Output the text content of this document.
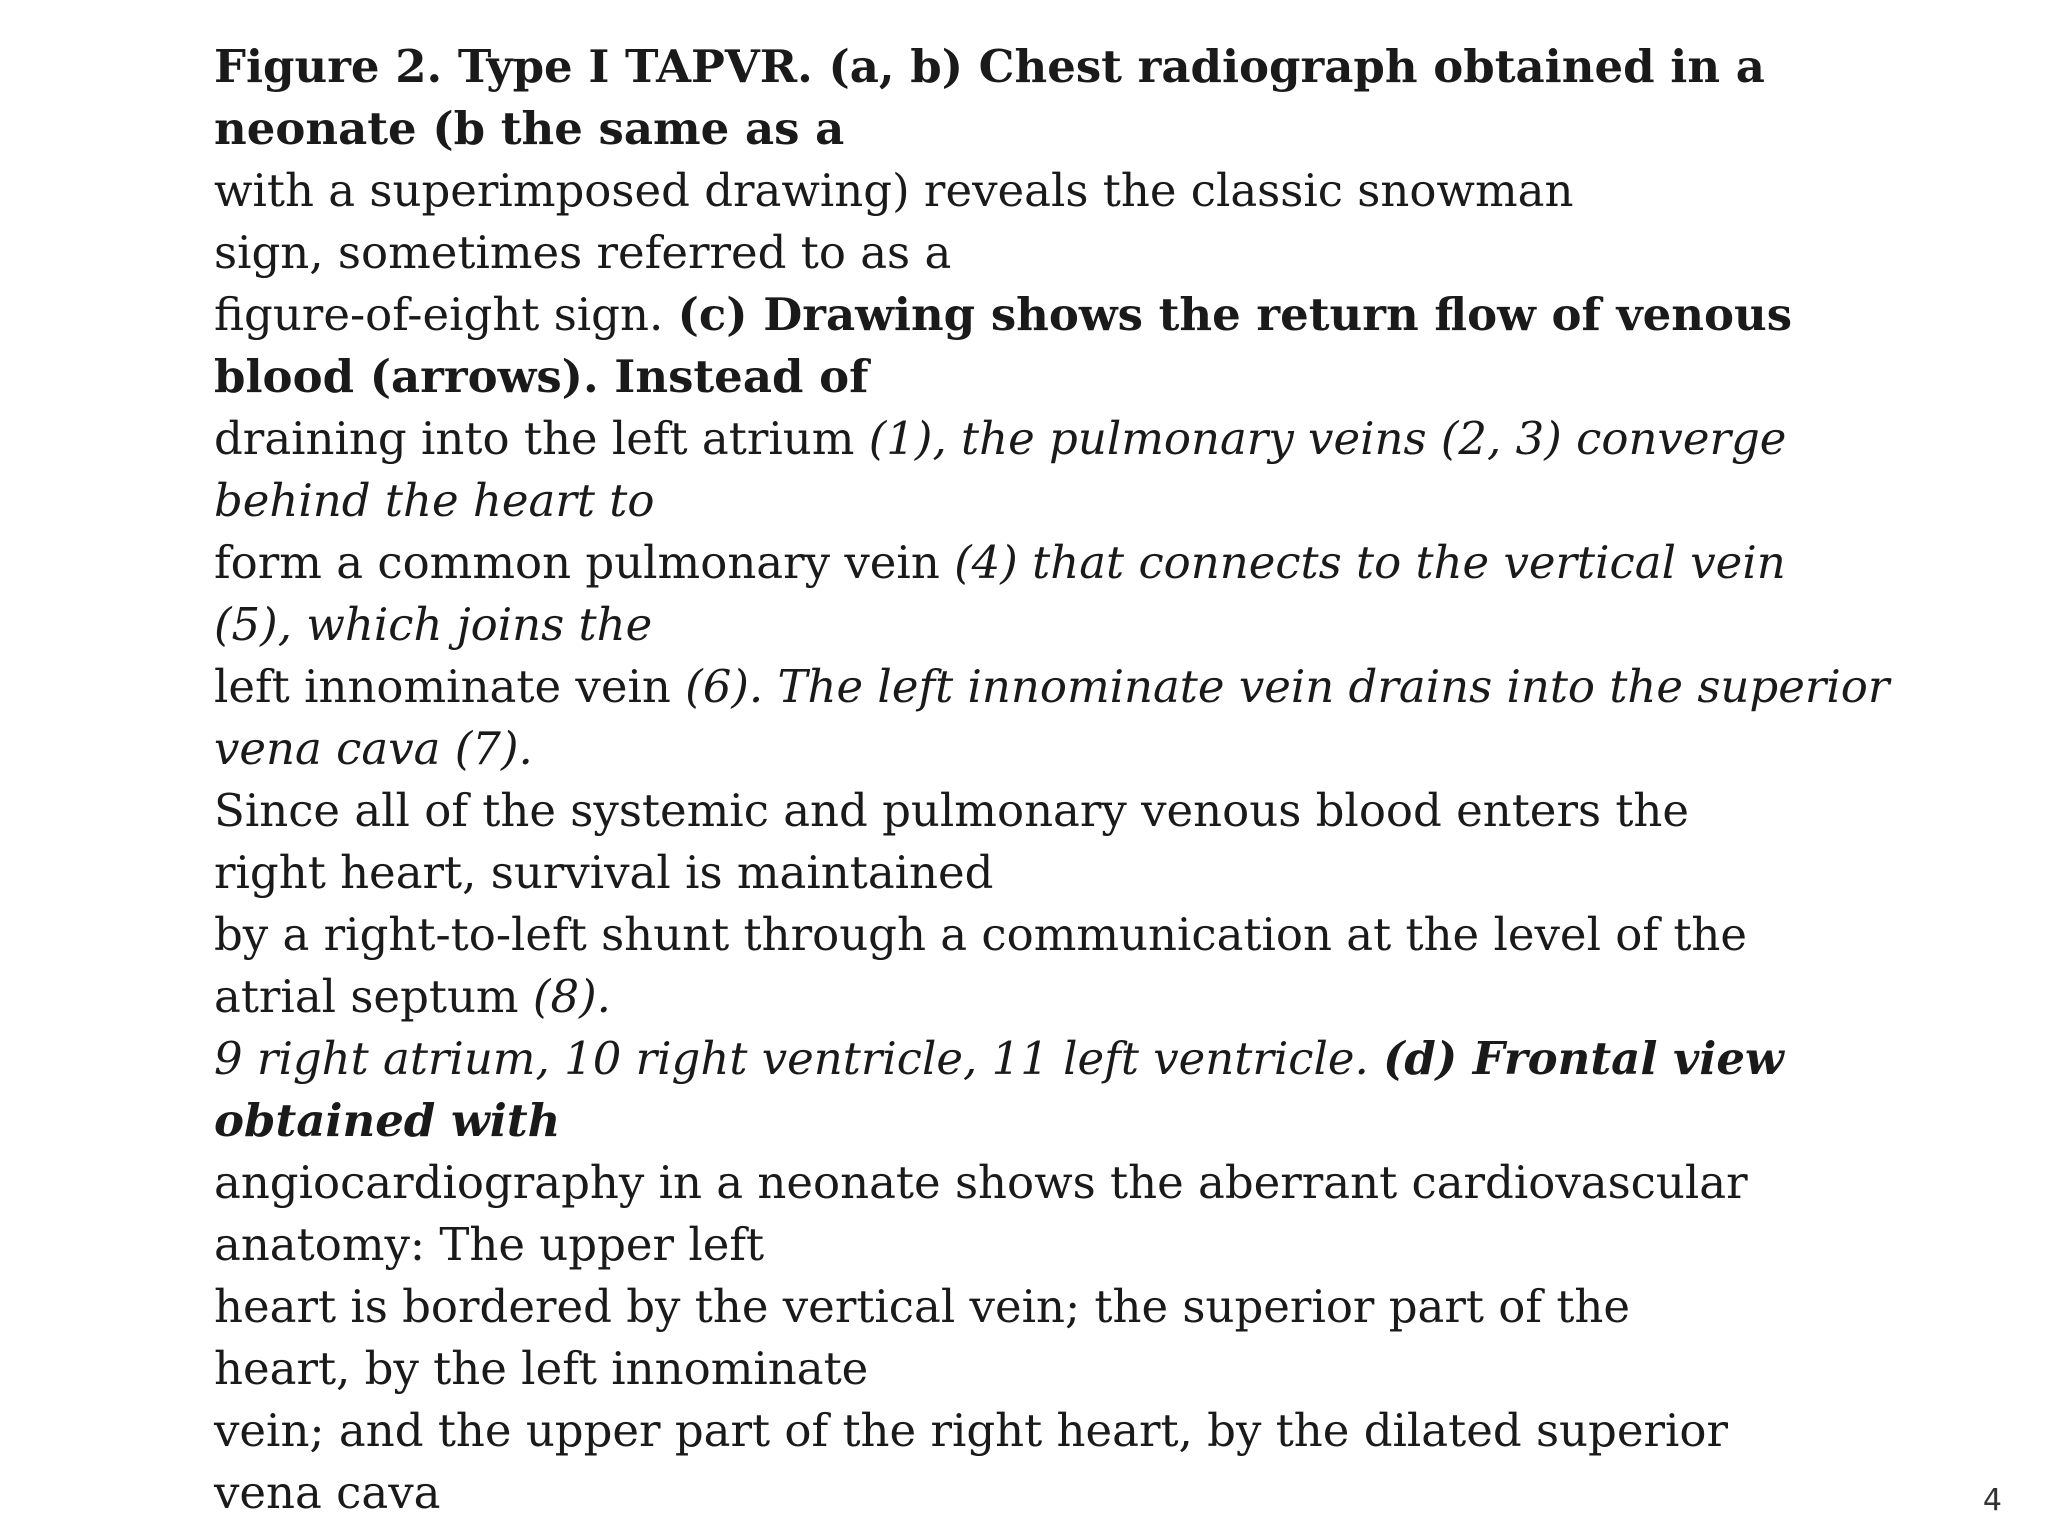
Figure 2. Type I TAPVR. (a, b) Chest radiograph obtained in a
neonate (b the same as a
with a superimposed drawing) reveals the classic snowman
sign, sometimes referred to as a
figure-of-eight sign. (c) Drawing shows the return flow of venous
blood (arrows). Instead of
draining into the left atrium (1), the pulmonary veins (2, 3) converge
behind the heart to
form a common pulmonary vein (4) that connects to the vertical vein
(5), which joins the
left innominate vein (6). The left innominate vein drains into the superior
vena cava (7).
Since all of the systemic and pulmonary venous blood enters the
right heart, survival is maintained
by a right-to-left shunt through a communication at the level of the
atrial septum (8).
9 right atrium, 10 right ventricle, 11 left ventricle. (d) Frontal view
obtained with
angiocardiography in a neonate shows the aberrant cardiovascular
anatomy: The upper left
heart is bordered by the vertical vein; the superior part of the
heart, by the left innominate
vein; and the upper part of the right heart, by the dilated superior
vena cava	4
